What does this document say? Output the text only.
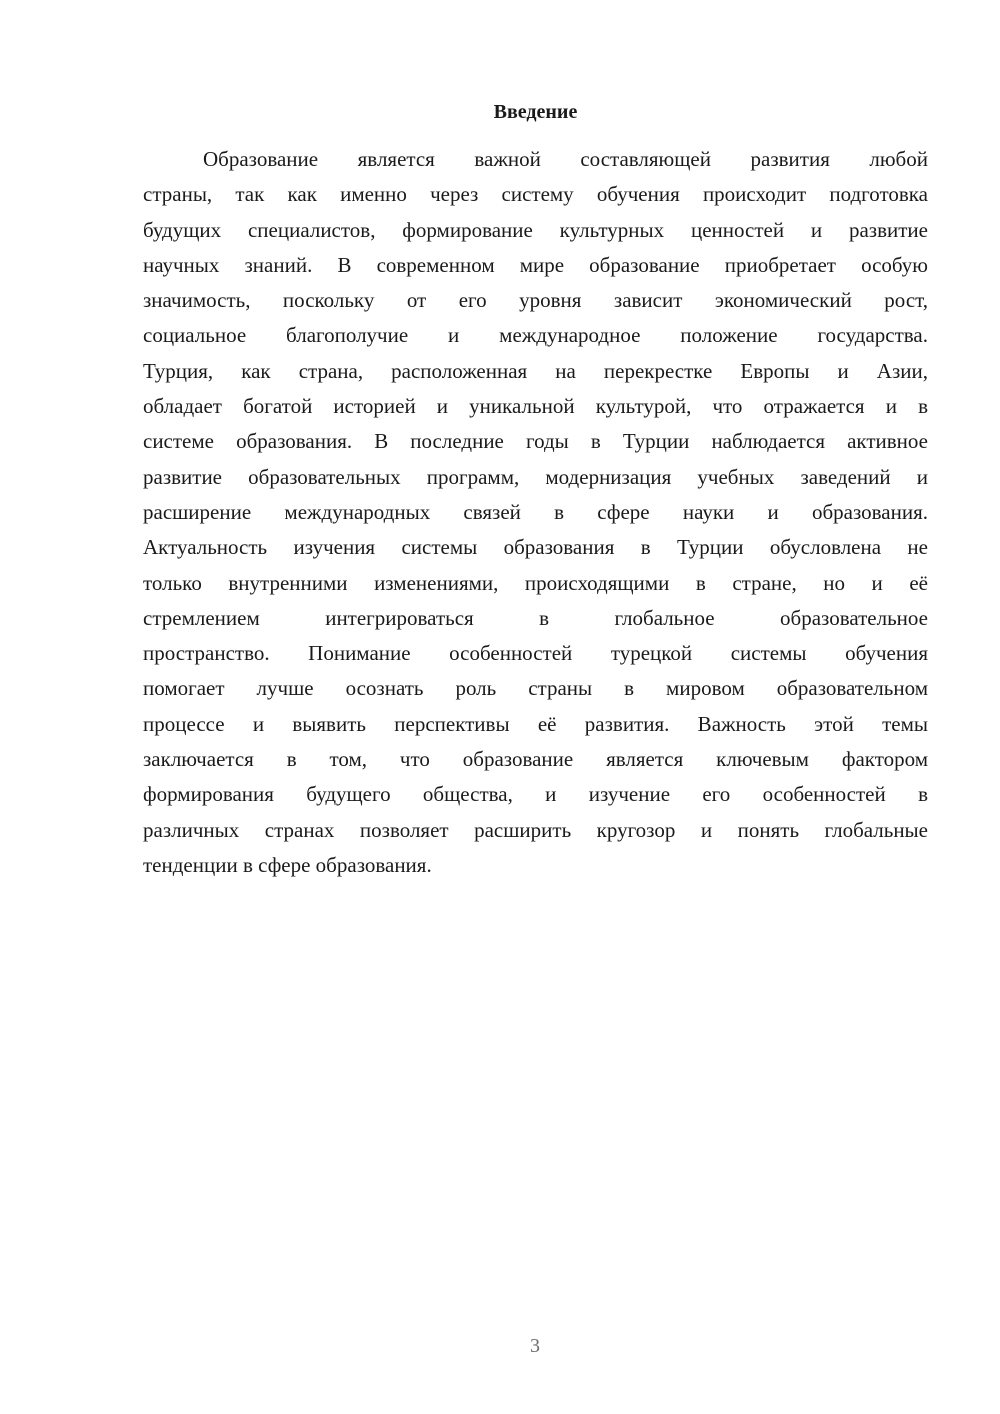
Введение
Образование является важной составляющей развития любой
страны, так как именно через систему обучения происходит подготовка
будущих специалистов, формирование культурных ценностей и развитие
научных знаний. В современном мире образование приобретает особую
значимость, поскольку от его уровня зависит экономический рост,
социальное благополучие и международное положение государства.
Турция, как страна, расположенная на перекрестке Европы и Азии,
обладает богатой историей и уникальной культурой, что отражается и в
системе образования. В последние годы в Турции наблюдается активное
развитие образовательных программ, модернизация учебных заведений и
расширение международных связей в сфере науки и образования.
Актуальность изучения системы образования в Турции обусловлена не
только внутренними изменениями, происходящими в стране, но и её
стремлением интегрироваться в глобальное образовательное
пространство. Понимание особенностей турецкой системы обучения
помогает лучше осознать роль страны в мировом образовательном
процессе и выявить перспективы её развития. Важность этой темы
заключается в том, что образование является ключевым фактором
формирования будущего общества, и изучение его особенностей в
различных странах позволяет расширить кругозор и понять глобальные
тенденции в сфере образования.
3
